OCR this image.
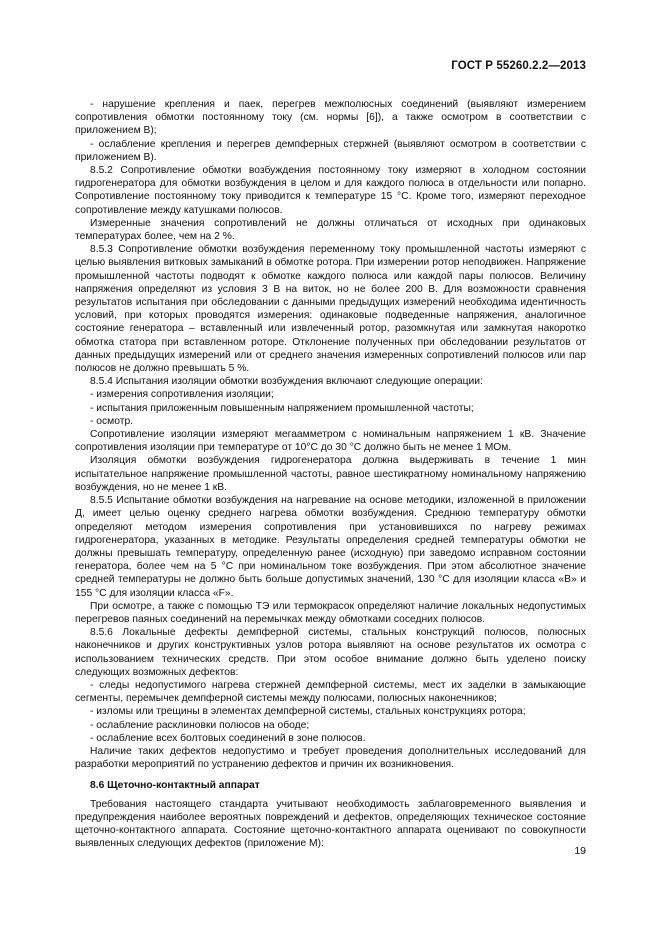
ГОСТ Р 55260.2.2—2013

- нарушение крепления и паек, перегрев межполюсных соединений (выявляют измерением сопротивления обмотки постоянному току (см. нормы [6]), а также осмотром в соответствии с приложением В);

- ослабление крепления и перегрев демпферных стержней (выявляют осмотром в соответствии с приложением В).

8.5.2 Сопротивление обмотки возбуждения постоянному току измеряют в холодном состоянии гидрогенератора для обмотки возбуждения в целом и для каждого полюса в отдельности или попарно. Сопротивление постоянному току приводится к температуре 15 °С. Кроме того, измеряют переходное сопротивление между катушками полюсов.

Измеренные значения сопротивлений не должны отличаться от исходных при одинаковых температурах более, чем на 2 %.

8.5.3 Сопротивление обмотки возбуждения переменному току промышленной частоты измеряют с целью выявления витковых замыканий в обмотке ротора. При измерении ротор неподвижен. Напряжение промышленной частоты подводят к обмотке каждого полюса или каждой пары полюсов. Величину напряжения определяют из условия 3 В на виток, но не более 200 В. Для возможности сравнения результатов испытания при обследовании с данными предыдущих измерений необходима идентичность условий, при которых проводятся измерения: одинаковые подведенные напряжения, аналогичное состояние генератора – вставленный или извлеченный ротор, разомкнутая или замкнутая накоротко обмотка статора при вставленном роторе. Отклонение полученных при обследовании результатов от данных предыдущих измерений или от среднего значения измеренных сопротивлений полюсов или пар полюсов не должно превышать 5 %.

8.5.4 Испытания изоляции обмотки возбуждения включают следующие операции:

- измерения сопротивления изоляции;

- испытания приложенным повышенным напряжением промышленной частоты;

- осмотр.

Сопротивление изоляции измеряют мегаамметром с номинальным напряжением 1 кВ. Значение сопротивления изоляции при температуре от 10°С до 30 °С должно быть не менее 1 МОм.

Изоляция обмотки возбуждения гидрогенератора должна выдерживать в течение 1 мин испытательное напряжение промышленной частоты, равное шестикратному номинальному напряжению возбуждения, но не менее 1 кВ.

8.5.5 Испытание обмотки возбуждения на нагревание на основе методики, изложенной в приложении Д, имеет целью оценку среднего нагрева обмотки возбуждения. Среднюю температуру обмотки определяют методом измерения сопротивления при установившихся по нагреву режимах гидрогенератора, указанных в методике. Результаты определения средней температуры обмотки не должны превышать температуру, определенную ранее (исходную) при заведомо исправном состоянии генератора, более чем на 5 °С при номинальном токе возбуждения. При этом абсолютное значение средней температуры не должно быть больше допустимых значений, 130 °С для изоляции класса «В» и 155 °С для изоляции класса «F».

При осмотре, а также с помощью ТЭ или термокрасок определяют наличие локальных недопустимых перегревов паяных соединений на перемычках между обмотками соседних полюсов.

8.5.6 Локальные дефекты демпферной системы, стальных конструкций полюсов, полюсных наконечников и других конструктивных узлов ротора выявляют на основе результатов их осмотра с использованием технических средств. При этом особое внимание должно быть уделено поиску следующих возможных дефектов:

- следы недопустимого нагрева стержней демпферной системы, мест их заделки в замыкающие сегменты, перемычек демпферной системы между полюсами, полюсных наконечников;

- изломы или трещины в элементах демпферной системы, стальных конструкциях ротора;

- ослабление расклиновки полюсов на ободе;

- ослабление всех болтовых соединений в зоне полюсов.

Наличие таких дефектов недопустимо и требует проведения дополнительных исследований для разработки мероприятий по устранению дефектов и причин их возникновения.

8.6 Щеточно-контактный аппарат

Требования настоящего стандарта учитывают необходимость заблаговременного выявления и предупреждения наиболее вероятных повреждений и дефектов, определяющих техническое состояние щеточно-контактного аппарата. Состояние щеточно-контактного аппарата оценивают по совокупности выявленных следующих дефектов (приложение М):

19
